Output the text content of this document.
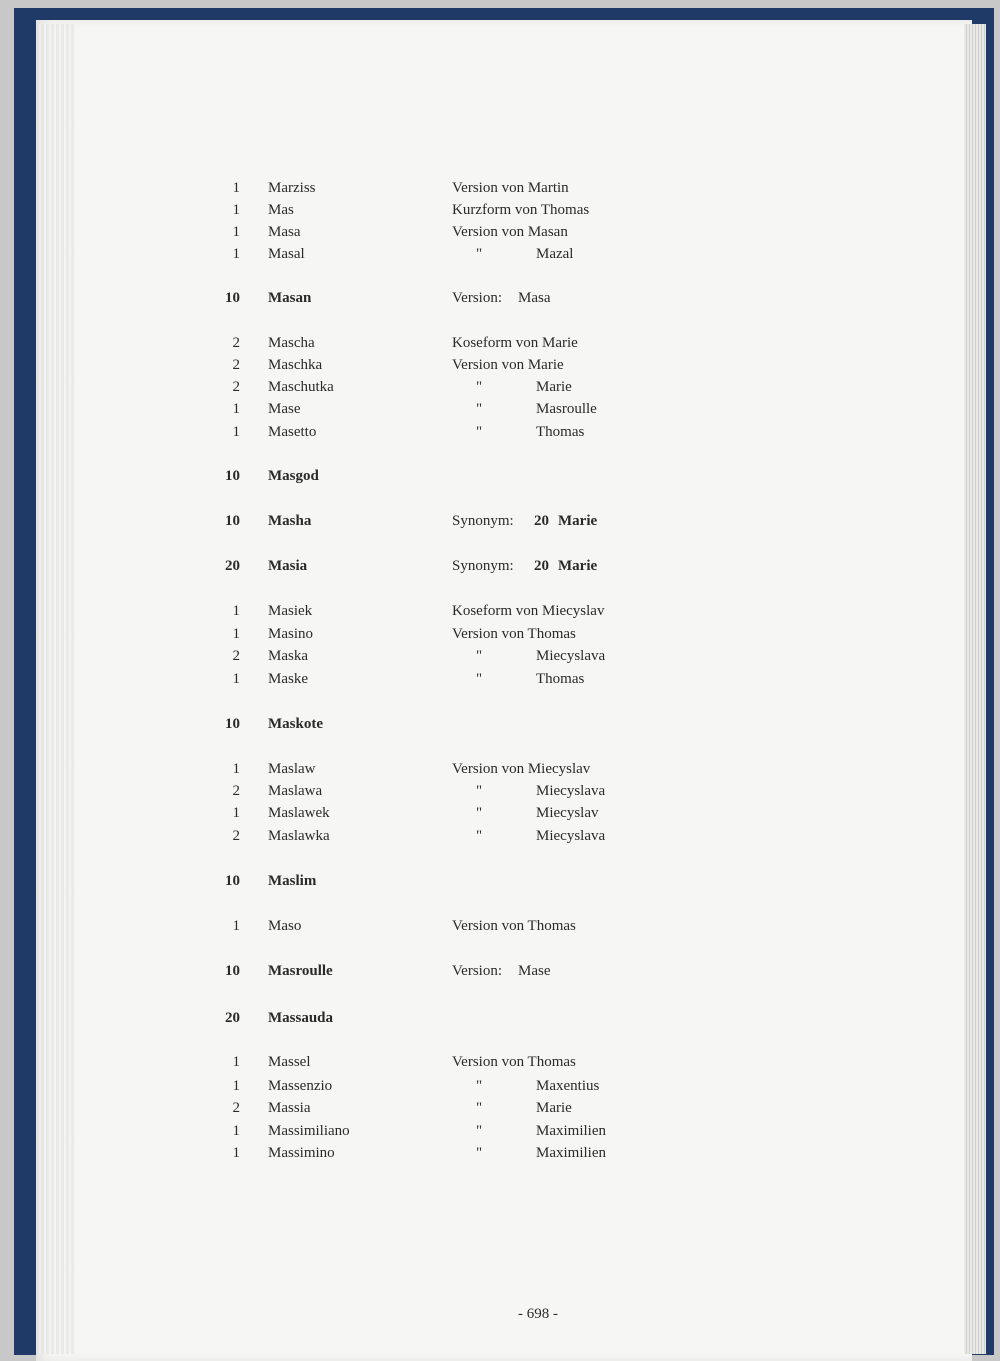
1 Marziss	Version von Martin
1 Mas	Kurzform von Thomas
1 Masa	Version von Masan
1 Masal	"	Mazal
10 Masan	Version: Masa
2 Mascha	Koseform von Marie
2 Maschka	Version von Marie
2 Maschutka	"	Marie
1 Mase	"	Masroulle
1 Masetto	"	Thomas
10 Masgod
10 Masha	Synonym: 20 Marie
20 Masia	Synonym: 20 Marie
1 Masiek	Koseform von Miecyslav
1 Masino	Version von Thomas
2 Maska	"	Miecyslava
1 Maske	"	Thomas
10 Maskote
1 Maslaw	Version von Miecyslav
2 Maslawa	"	Miecyslava
1 Maslawek	"	Miecyslav
2 Maslawka	"	Miecyslava
10 Maslim
1 Maso	Version von Thomas
10 Masroulle	Version: Mase
20 Massauda
1 Massel	Version von Thomas
1 Massenzio	"	Maxentius
2 Massia	"	Marie
1 Massimiliano	"	Maximilien
1 Massimino	"	Maximilien
- 698 -
